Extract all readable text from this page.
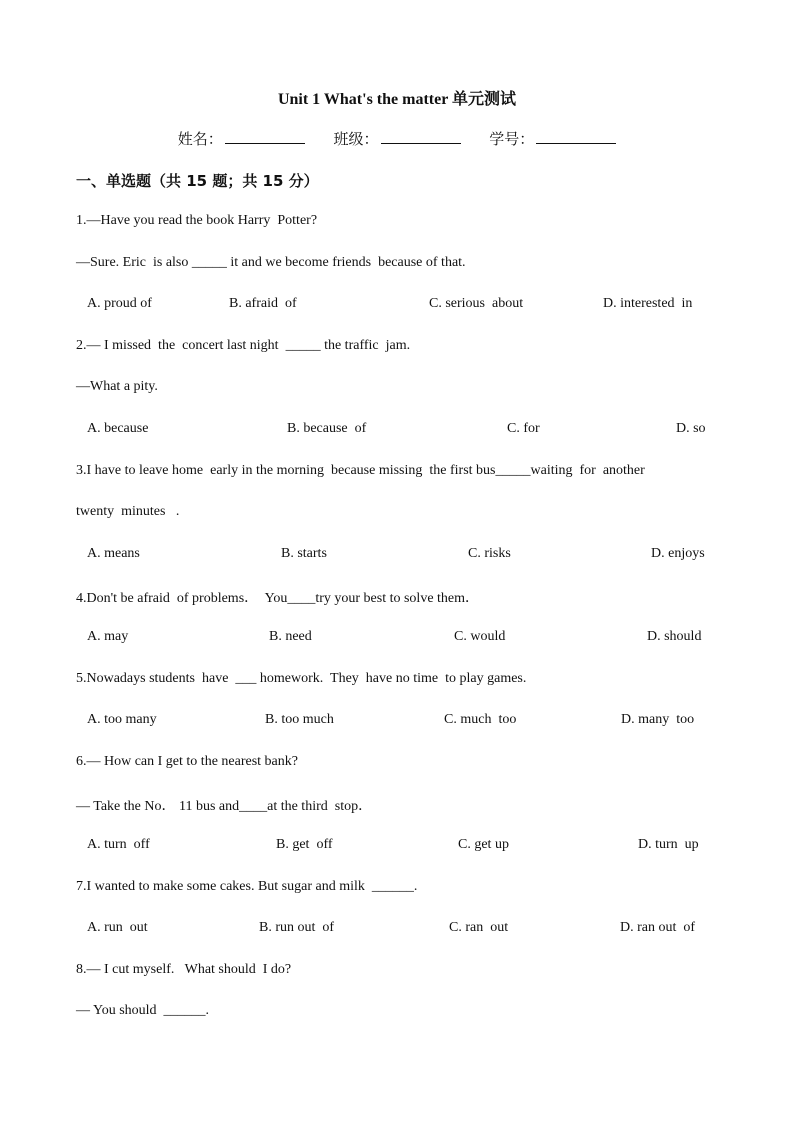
Unit 1 What's the matter 单元测试
姓名：	班级：	学号：
一、单选题（共 15 题；共 15 分）
1.—Have you read the book Harry  Potter?
—Sure. Eric  is also _____ it and we become friends  because of that.
A. proud of	B. afraid  of	C. serious  about	D. interested  in
2.— I missed  the  concert last night  _____ the traffic  jam.
—What a pity.
A. because	B. because  of	C. for	D. so
3.I have to leave home  early in the morning  because missing  the first bus_____waiting  for  another
twenty  minutes   .
A. means	B. starts	C. risks	D. enjoys
4.Don't be afraid  of problems．  You____try your best to solve them．
A. may	B. need	C. would	D. should
5.Nowadays students  have  ___ homework.  They  have no time  to play games.
A. too many	B. too much	C. much  too	D. many  too
6.— How can I get to the nearest bank?
— Take the No． 11 bus and____at the third  stop．
A. turn  off	B. get  off	C. get up	D. turn  up
7.I wanted to make some cakes. But sugar and milk  ______.
A. run  out	B. run out  of	C. ran  out	D. ran out  of
8.— I cut myself.   What should  I do?
— You should  ______.
